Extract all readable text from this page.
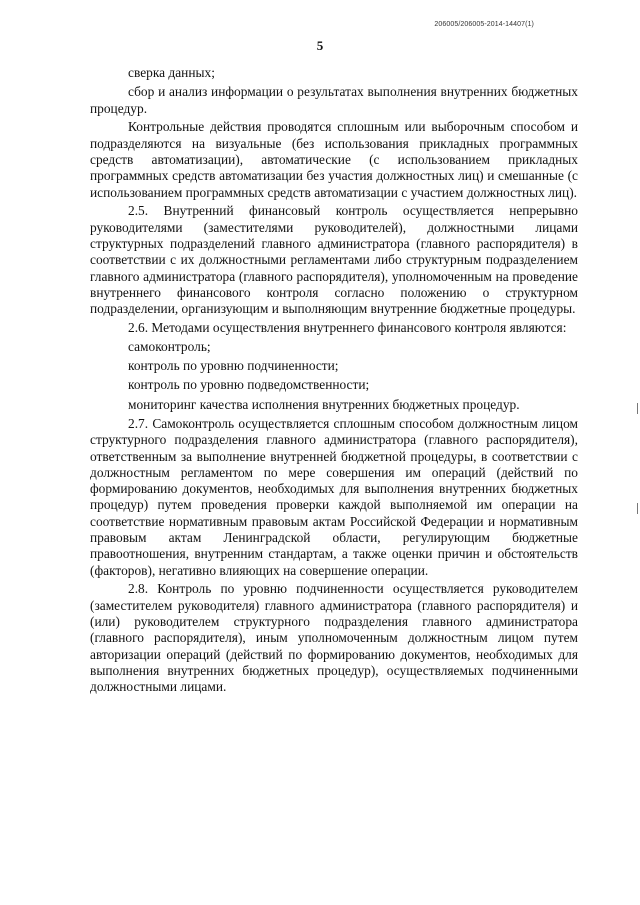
206005/206005-2014-14407(1)
5

сверка данных;

сбор и анализ информации о результатах выполнения внутренних бюджетных процедур.

Контрольные действия проводятся сплошным или выборочным способом и подразделяются на визуальные (без использования прикладных программных средств автоматизации), автоматические (с использованием прикладных программных средств автоматизации без участия должностных лиц) и смешанные (с использованием программных средств автоматизации с участием должностных лиц).

2.5. Внутренний финансовый контроль осуществляется непрерывно руководителями (заместителями руководителей), должностными лицами структурных подразделений главного администратора (главного распорядителя) в соответствии с их должностными регламентами либо структурным подразделением главного администратора (главного распорядителя), уполномоченным на проведение внутреннего финансового контроля согласно положению о структурном подразделении, организующим и выполняющим внутренние бюджетные процедуры.

2.6. Методами осуществления внутреннего финансового контроля являются:

самоконтроль;

контроль по уровню подчиненности;

контроль по уровню подведомственности;

мониторинг качества исполнения внутренних бюджетных процедур.

2.7. Самоконтроль осуществляется сплошным способом должностным лицом структурного подразделения главного администратора (главного распорядителя), ответственным за выполнение внутренней бюджетной процедуры, в соответствии с должностным регламентом по мере совершения им операций (действий по формированию документов, необходимых для выполнения внутренних бюджетных процедур) путем проведения проверки каждой выполняемой им операции на соответствие нормативным правовым актам Российской Федерации и нормативным правовым актам Ленинградской области, регулирующим бюджетные правоотношения, внутренним стандартам, а также оценки причин и обстоятельств (факторов), негативно влияющих на совершение операции.

2.8. Контроль по уровню подчиненности осуществляется руководителем (заместителем руководителя) главного администратора (главного распорядителя) и (или) руководителем структурного подразделения главного администратора (главного распорядителя), иным уполномоченным должностным лицом путем авторизации операций (действий по формированию документов, необходимых для выполнения внутренних бюджетных процедур), осуществляемых подчиненными должностными лицами.
